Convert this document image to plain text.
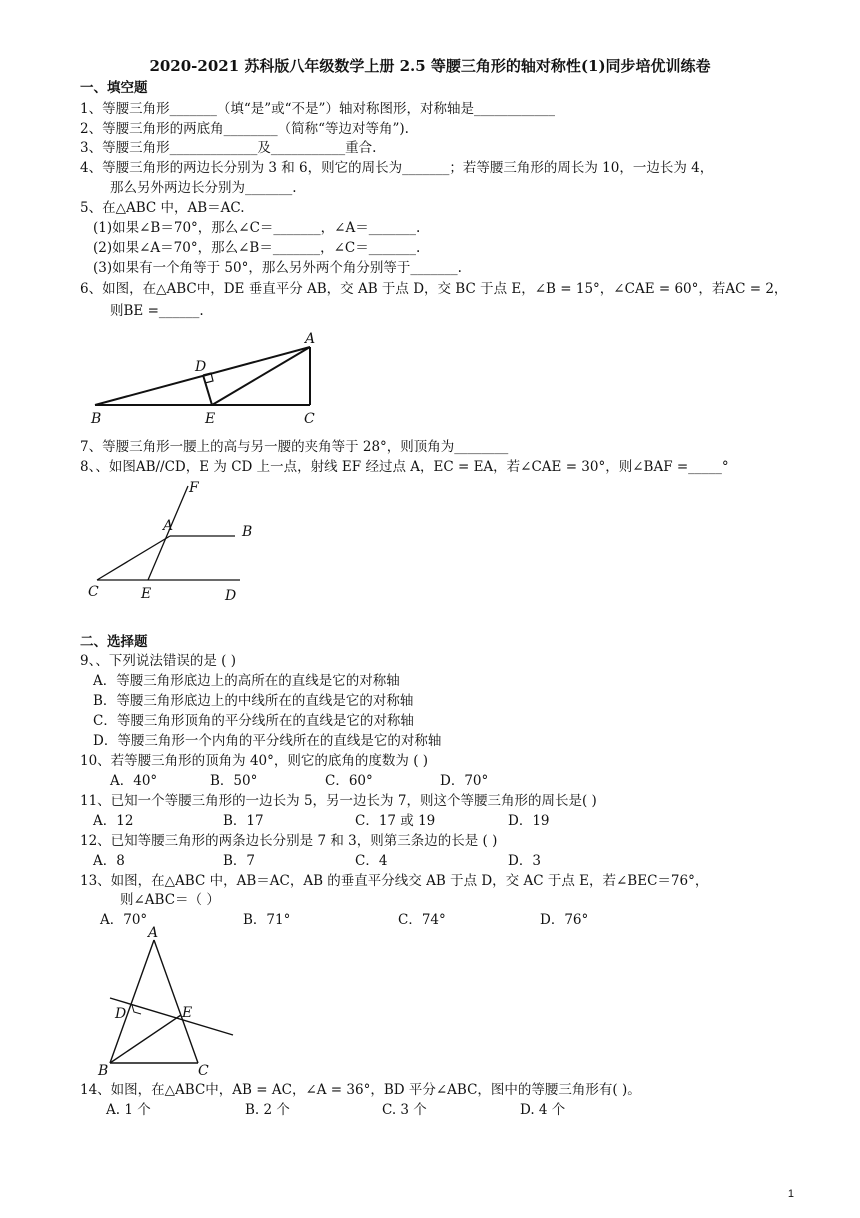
2020-2021 苏科版八年级数学上册 2.5 等腰三角形的轴对称性(1)同步培优训练卷
一、填空题
1、等腰三角形_______（填“是”或“不是”）轴对称图形，对称轴是____________
2、等腰三角形的两底角________（简称“等边对等角”).
3、等腰三角形_____________及___________重合.
4、等腰三角形的两边长分别为 3 和 6，则它的周长为_______；若等腰三角形的周长为 10，一边长为 4，
那么另外两边长分别为_______.
5、在△ABC 中，AB＝AC.
(1)如果∠B＝70°，那么∠C＝_______，∠A＝_______.
(2)如果∠A＝70°，那么∠B＝_______，∠C＝_______.
(3)如果有一个角等于 50°，那么另外两个角分别等于_______.
6、如图，在△ABC中，DE 垂直平分 AB，交 AB 于点 D，交 BC 于点 E，∠B = 15°，∠CAE = 60°，若AC = 2，
则BE =______.
A
B	C
D
E
7、等腰三角形一腰上的高与另一腰的夹角等于 28°，则顶角为________
8、、如图AB//CD，E 为 CD 上一点，射线 EF 经过点 A，EC = EA，若∠CAE = 30°，则∠BAF =_____°
F
A	B
C	E	D
二、选择题
9、、下列说法错误的是 ( )
A．等腰三角形底边上的高所在的直线是它的对称轴
B．等腰三角形底边上的中线所在的直线是它的对称轴
C．等腰三角形顶角的平分线所在的直线是它的对称轴
D．等腰三角形一个内角的平分线所在的直线是它的对称轴
10、若等腰三角形的顶角为 40°，则它的底角的度数为 ( )
A．40°	B．50°	C．60°	D．70°
11、已知一个等腰三角形的一边长为 5，另一边长为 7，则这个等腰三角形的周长是( )
A．12	B．17	C．17 或 19	D．19
12、已知等腰三角形的两条边长分别是 7 和 3，则第三条边的长是 ( )
A．8	B．7	C．4	D．3
13、如图，在△ABC 中，AB＝AC，AB 的垂直平分线交 AB 于点 D，交 AC 于点 E，若∠BEC＝76°，
则∠ABC＝（ ）
A．70°	B．71°	C．74°	D．76°
A
D	E
B	C
14、如图，在△ABC中，AB = AC，∠A = 36°，BD 平分∠ABC，图中的等腰三角形有( )。
A. 1 个	B. 2 个	C. 3 个	D. 4 个
1
